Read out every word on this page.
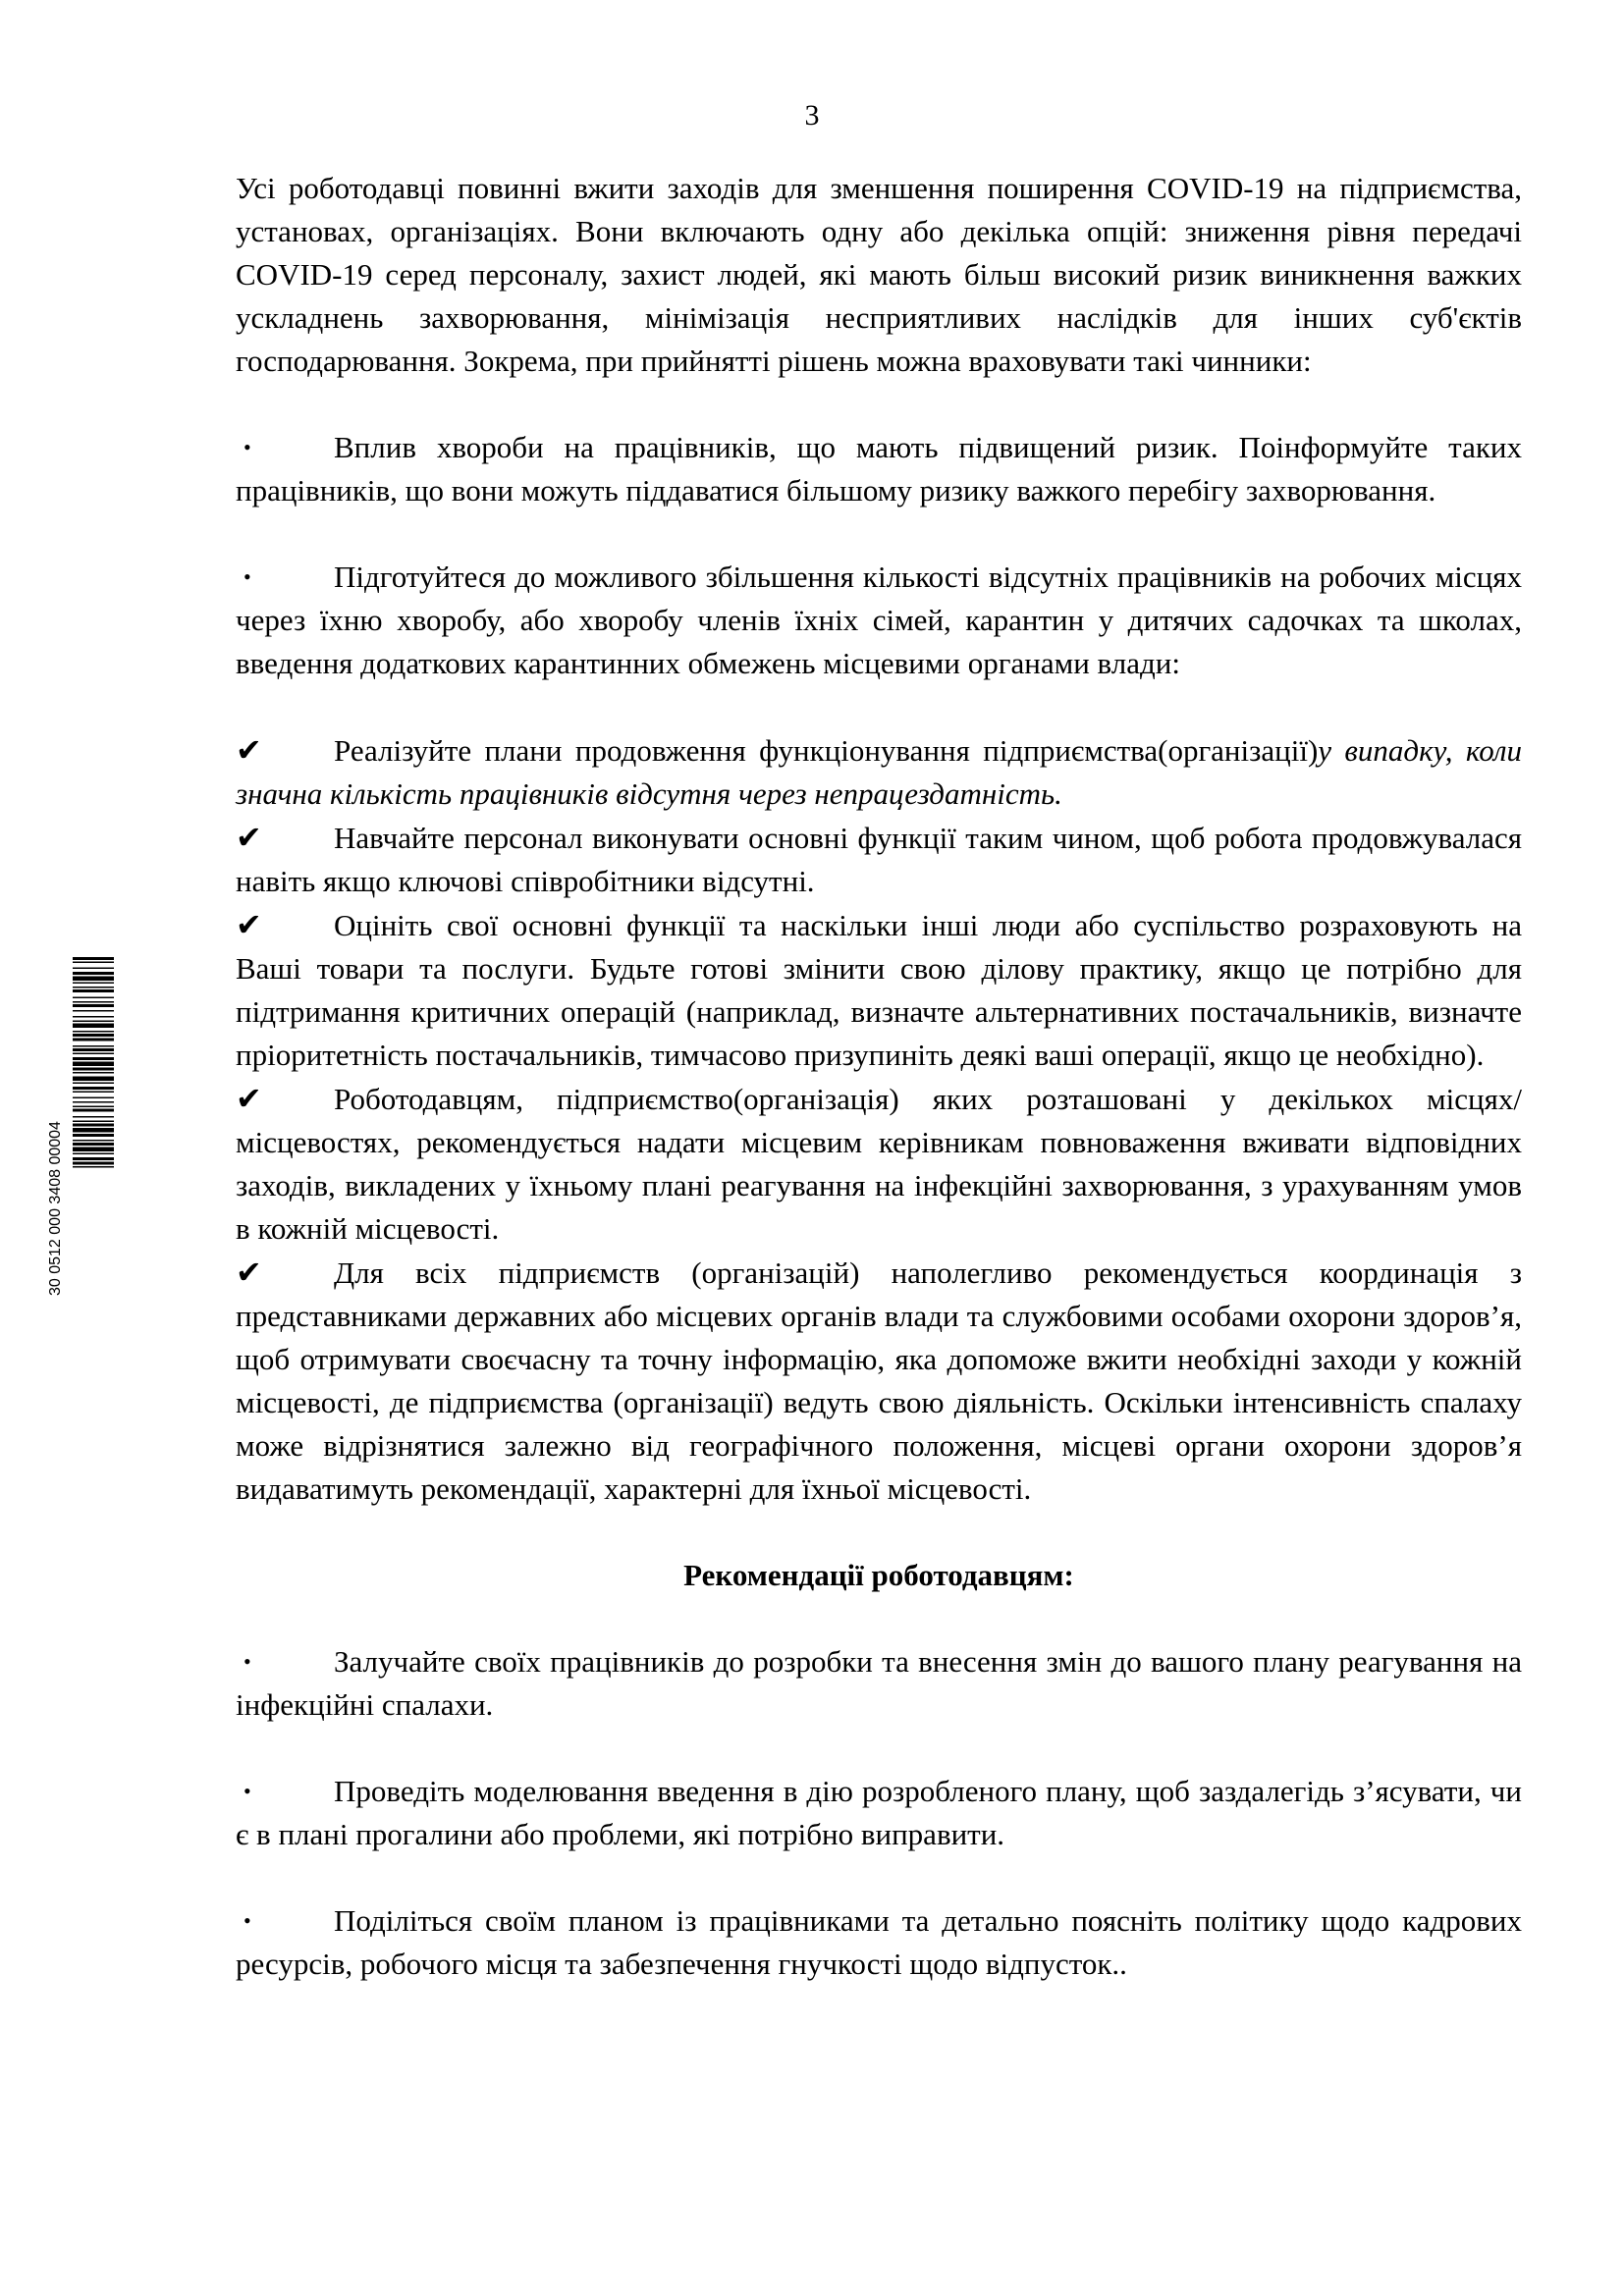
3
30 0512 000 3408 00004

Усі роботодавці повинні вжити заходів для зменшення поширення COVID-19 на підприємства, установах, організаціях. Вони включають одну або декілька опцій: зниження рівня передачі COVID-19 серед персоналу, захист людей, які мають більш високий ризик виникнення важких ускладнень захворювання, мінімізація несприятливих наслідків для інших суб'єктів господарювання. Зокрема, при прийнятті рішень можна враховувати такі чинники:

•	Вплив хвороби на працівників, що мають підвищений ризик. Поінформуйте таких працівників, що вони можуть піддаватися більшому ризику важкого перебігу захворювання.

•	Підготуйтеся до можливого збільшення кількості відсутніх працівників на робочих місцях через їхню хворобу, або хворобу членів їхніх сімей, карантин у дитячих садочках та школах, введення додаткових карантинних обмежень місцевими органами влади:

✔ Реалізуйте плани продовження функціонування підприємства(організації)у випадку, коли значна кількість працівників відсутня через непрацездатність.

✔ Навчайте персонал виконувати основні функції таким чином, щоб робота продовжувалася навіть якщо ключові співробітники відсутні.

✔ Оцініть свої основні функції та наскільки інші люди або суспільство розраховують на Ваші товари та послуги. Будьте готові змінити свою ділову практику, якщо це потрібно для підтримання критичних операцій (наприклад, визначте альтернативних постачальників, визначте пріоритетність постачальників, тимчасово призупиніть деякі ваші операції, якщо це необхідно).

✔ Роботодавцям, підприємство(організація) яких розташовані у декількох місцях/місцевостях, рекомендується надати місцевим керівникам повноваження вживати відповідних заходів, викладених у їхньому плані реагування на інфекційні захворювання, з урахуванням умов в кожній місцевості.

✔ Для всіх підприємств (організацій) наполегливо рекомендується координація з представниками державних або місцевих органів влади та службовими особами охорони здоров’я, щоб отримувати своєчасну та точну інформацію, яка допоможе вжити необхідні заходи у кожній місцевості, де підприємства (організації) ведуть свою діяльність. Оскільки інтенсивність спалаху може відрізнятися залежно від географічного положення, місцеві органи охорони здоров’я видаватимуть рекомендації, характерні для їхньої місцевості.

Рекомендації роботодавцям:

•	Залучайте своїх працівників до розробки та внесення змін до вашого плану реагування на інфекційні спалахи.

•	Проведіть моделювання введення в дію розробленого плану, щоб заздалегідь з’ясувати, чи є в плані прогалини або проблеми, які потрібно виправити.

•	Поділіться своїм планом із працівниками та детально поясніть політику щодо кадрових ресурсів, робочого місця та забезпечення гнучкості щодо відпусток..
